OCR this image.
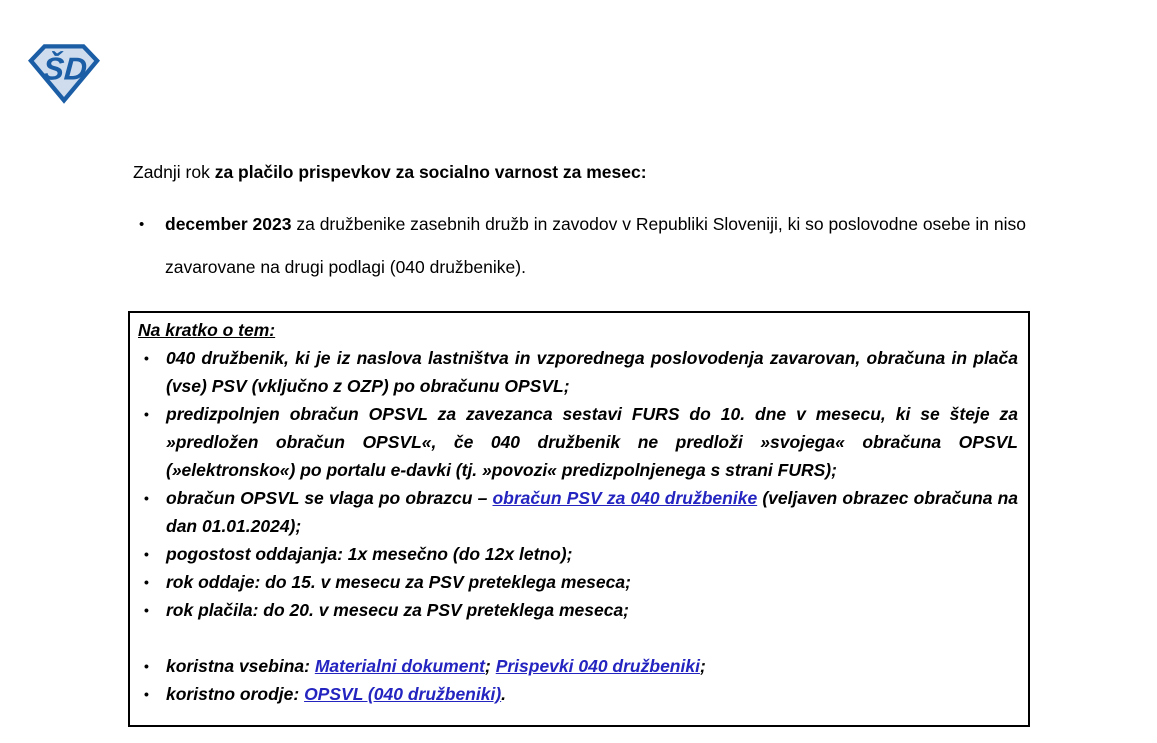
ŠD
Zadnji rok za plačilo prispevkov za socialno varnost za mesec:
• december 2023 za družbenike zasebnih družb in zavodov v Republiki Sloveniji, ki so poslovodne osebe in niso zavarovane na drugi podlagi (040 družbenike).
Na kratko o tem:
• 040 družbenik, ki je iz naslova lastništva in vzporednega poslovodenja zavarovan, obračuna in plača (vse) PSV (vključno z OZP) po obračunu OPSVL;
• predizpolnjen obračun OPSVL za zavezanca sestavi FURS do 10. dne v mesecu, ki se šteje za »predložen obračun OPSVL«, če 040 družbenik ne predloži »svojega« obračuna OPSVL (»elektronsko«) po portalu e-davki (tj. »povozi« predizpolnjenega s strani FURS);
• obračun OPSVL se vlaga po obrazcu – obračun PSV za 040 družbenike (veljaven obrazec obračuna na dan 01.01.2024);
• pogostost oddajanja: 1x mesečno (do 12x letno);
• rok oddaje: do 15. v mesecu za PSV preteklega meseca;
• rok plačila: do 20. v mesecu za PSV preteklega meseca;
• koristna vsebina: Materialni dokument; Prispevki 040 družbeniki;
• koristno orodje: OPSVL (040 družbeniki).
